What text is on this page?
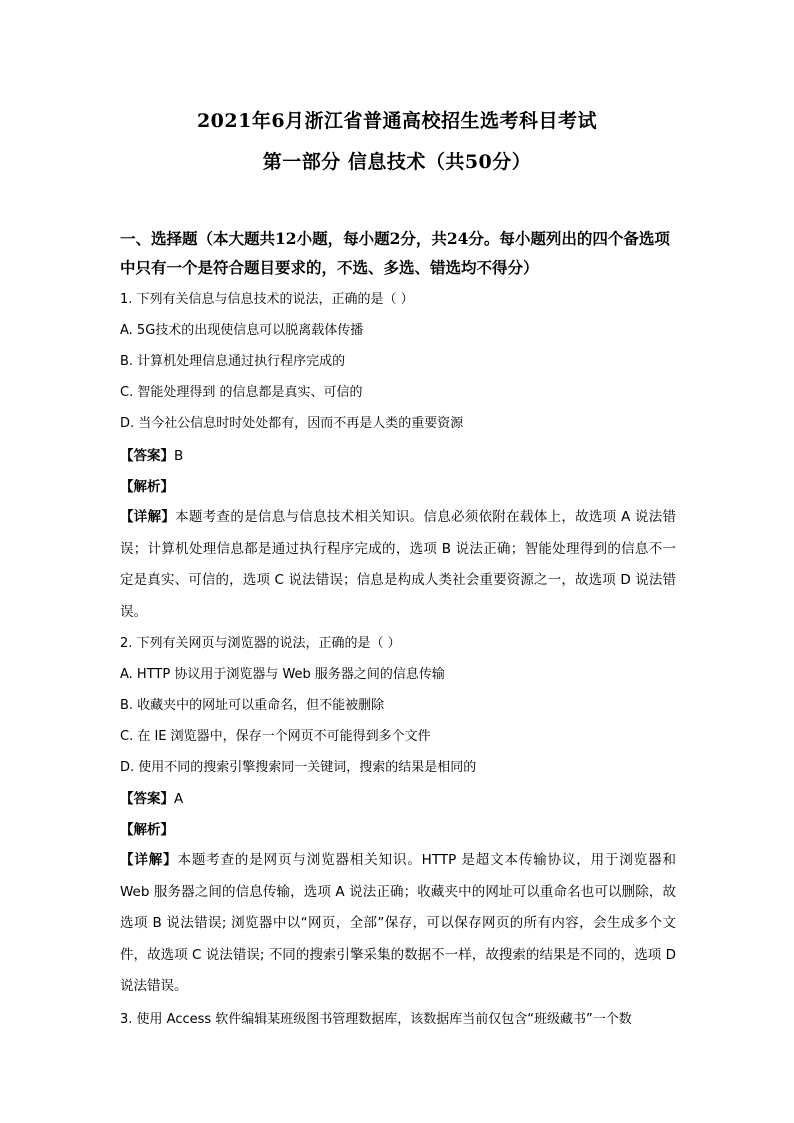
2021年6月浙江省普通高校招生选考科目考试
第一部分 信息技术（共50分）
一、选择题（本大题共12小题，每小题2分，共24分。每小题列出的四个备选项中只有一个是符合题目要求的，不选、多选、错选均不得分）
1. 下列有关信息与信息技术的说法，正确的是（ ）
A. 5G技术的出现使信息可以脱离载体传播
B. 计算机处理信息通过执行程序完成的
C. 智能处理得到 的信息都是真实、可信的
D. 当今社公信息时时处处都有，因而不再是人类的重要资源
【答案】B
【解析】
【详解】本题考查的是信息与信息技术相关知识。信息必须依附在载体上，故选项 A 说法错误；计算机处理信息都是通过执行程序完成的，选项 B 说法正确；智能处理得到的信息不一定是真实、可信的，选项 C 说法错误；信息是构成人类社会重要资源之一，故选项 D 说法错误。
2. 下列有关网页与浏览器的说法，正确的是（ ）
A. HTTP 协议用于浏览器与 Web 服务器之间的信息传输
B. 收藏夹中的网址可以重命名，但不能被删除
C. 在 IE 浏览器中，保存一个网页不可能得到多个文件
D. 使用不同的搜索引擎搜索同一关键词，搜索的结果是相同的
【答案】A
【解析】
【详解】本题考查的是网页与浏览器相关知识。HTTP 是超文本传输协议，用于浏览器和 Web 服务器之间的信息传输，选项 A 说法正确；收藏夹中的网址可以重命名也可以删除，故选项 B 说法错误; 浏览器中以“网页，全部”保存，可以保存网页的所有内容，会生成多个文件，故选项 C 说法错误; 不同的搜索引擎采集的数据不一样，故搜索的结果是不同的，选项 D 说法错误。
3. 使用 Access 软件编辑某班级图书管理数据库，该数据库当前仅包含“班级藏书”一个数
